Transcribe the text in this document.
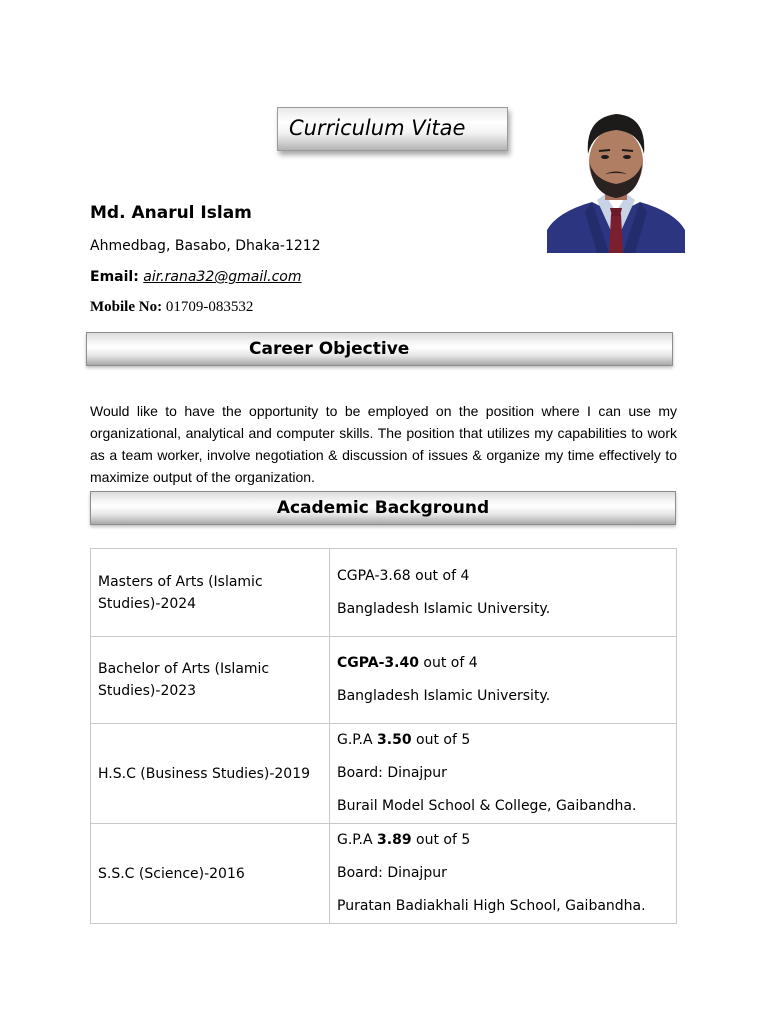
Curriculum Vitae
Md. Anarul Islam
Ahmedbag, Basabo, Dhaka-1212
Email: air.rana32@gmail.com
Mobile No: 01709-083532
Career Objective
Would like to have the opportunity to be employed on the position where I can use my organizational, analytical and computer skills. The position that utilizes my capabilities to work as a team worker, involve negotiation & discussion of issues & organize my time effectively to maximize output of the organization.
Academic Background
Masters of Arts (Islamic Studies)-2024	CGPA-3.68 out of 4
Bangladesh Islamic University.

Bachelor of Arts (Islamic Studies)-2023	CGPA-3.40 out of 4
Bangladesh Islamic University.

H.S.C (Business Studies)-2019	G.P.A 3.50 out of 5
Board: Dinajpur
Burail Model School & College, Gaibandha.

S.S.C (Science)-2016	G.P.A 3.89 out of 5
Board: Dinajpur
Puratan Badiakhali High School, Gaibandha.
